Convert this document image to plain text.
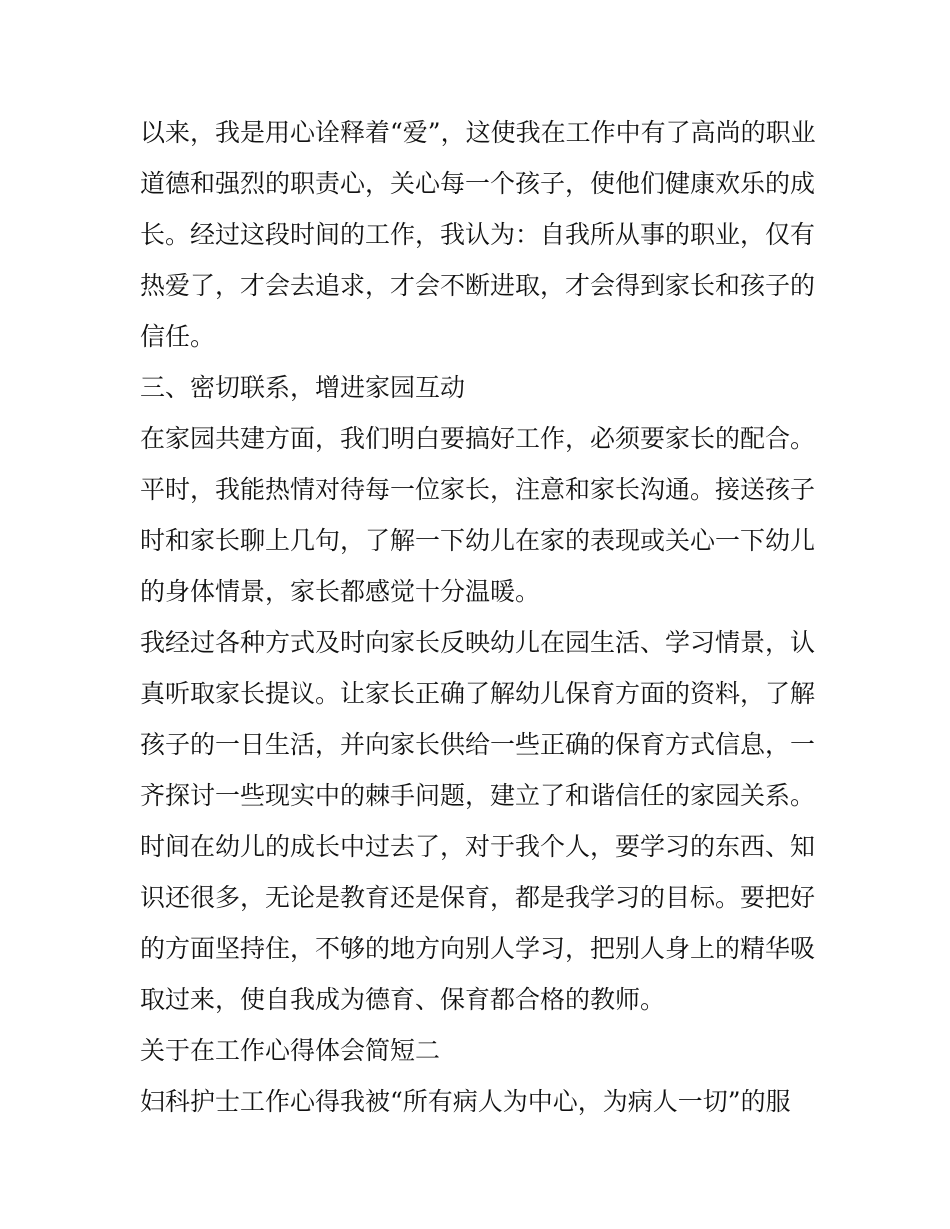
以来，我是用心诠释着“爱”，这使我在工作中有了高尚的职业
道德和强烈的职责心，关心每一个孩子，使他们健康欢乐的成
长。经过这段时间的工作，我认为：自我所从事的职业，仅有
热爱了，才会去追求，才会不断进取，才会得到家长和孩子的
信任。
三、密切联系，增进家园互动
在家园共建方面，我们明白要搞好工作，必须要家长的配合。
平时，我能热情对待每一位家长，注意和家长沟通。接送孩子
时和家长聊上几句，了解一下幼儿在家的表现或关心一下幼儿
的身体情景，家长都感觉十分温暖。
我经过各种方式及时向家长反映幼儿在园生活、学习情景，认
真听取家长提议。让家长正确了解幼儿保育方面的资料，了解
孩子的一日生活，并向家长供给一些正确的保育方式信息，一
齐探讨一些现实中的棘手问题，建立了和谐信任的家园关系。
时间在幼儿的成长中过去了，对于我个人，要学习的东西、知
识还很多，无论是教育还是保育，都是我学习的目标。要把好
的方面坚持住，不够的地方向别人学习，把别人身上的精华吸
取过来，使自我成为德育、保育都合格的教师。
关于在工作心得体会简短二
妇科护士工作心得我被“所有病人为中心，为病人一切”的服
